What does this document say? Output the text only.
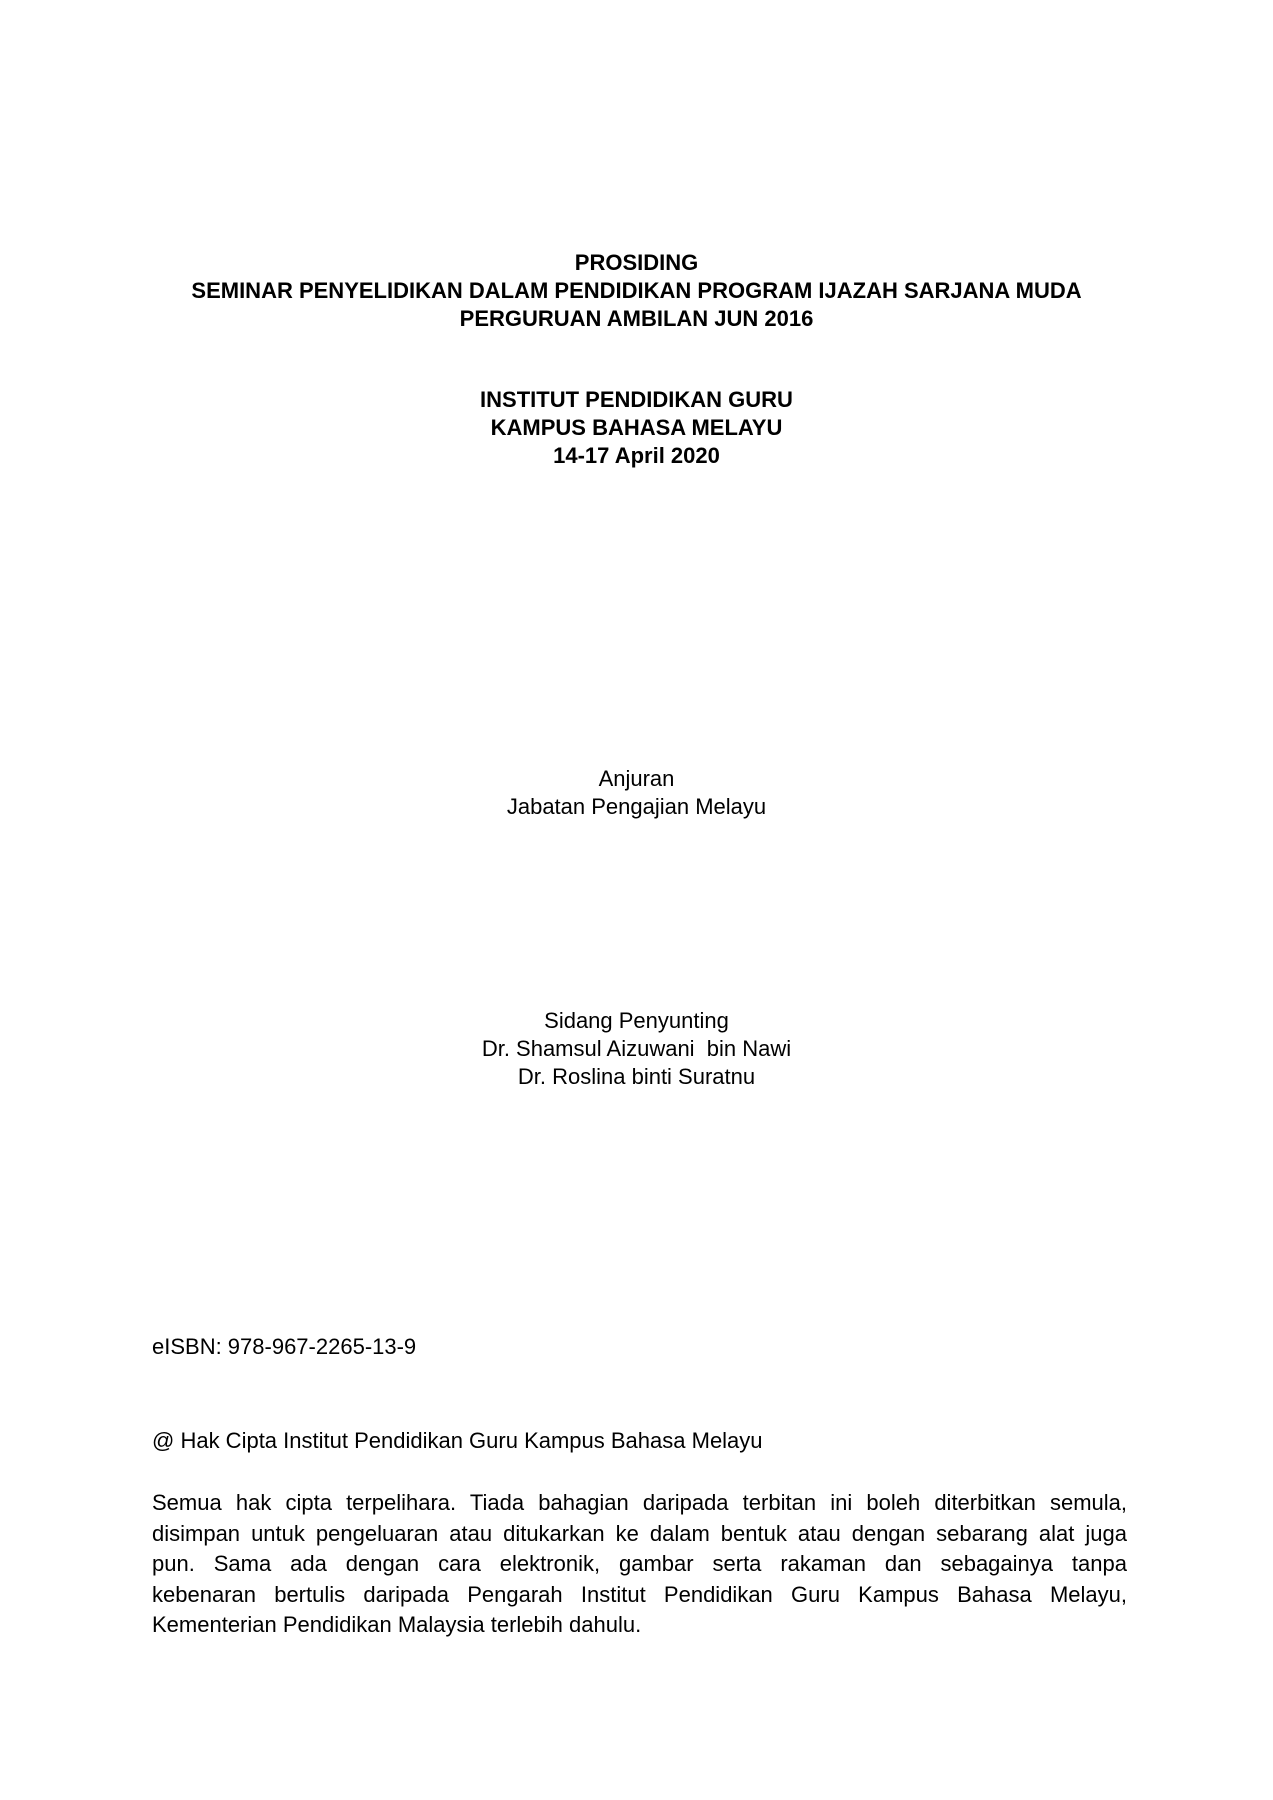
PROSIDING
SEMINAR PENYELIDIKAN DALAM PENDIDIKAN PROGRAM IJAZAH SARJANA MUDA
PERGURUAN AMBILAN JUN 2016
INSTITUT PENDIDIKAN GURU
KAMPUS BAHASA MELAYU
14-17 April 2020
Anjuran
Jabatan Pengajian Melayu
Sidang Penyunting
Dr. Shamsul Aizuwani  bin Nawi
Dr. Roslina binti Suratnu
eISBN: 978-967-2265-13-9
@ Hak Cipta Institut Pendidikan Guru Kampus Bahasa Melayu
Semua hak cipta terpelihara. Tiada bahagian daripada terbitan ini boleh diterbitkan semula,
disimpan untuk pengeluaran atau ditukarkan ke dalam bentuk atau dengan sebarang alat juga
pun. Sama ada dengan cara elektronik, gambar serta rakaman dan sebagainya tanpa
kebenaran bertulis daripada Pengarah Institut Pendidikan Guru Kampus Bahasa Melayu,
Kementerian Pendidikan Malaysia terlebih dahulu.
